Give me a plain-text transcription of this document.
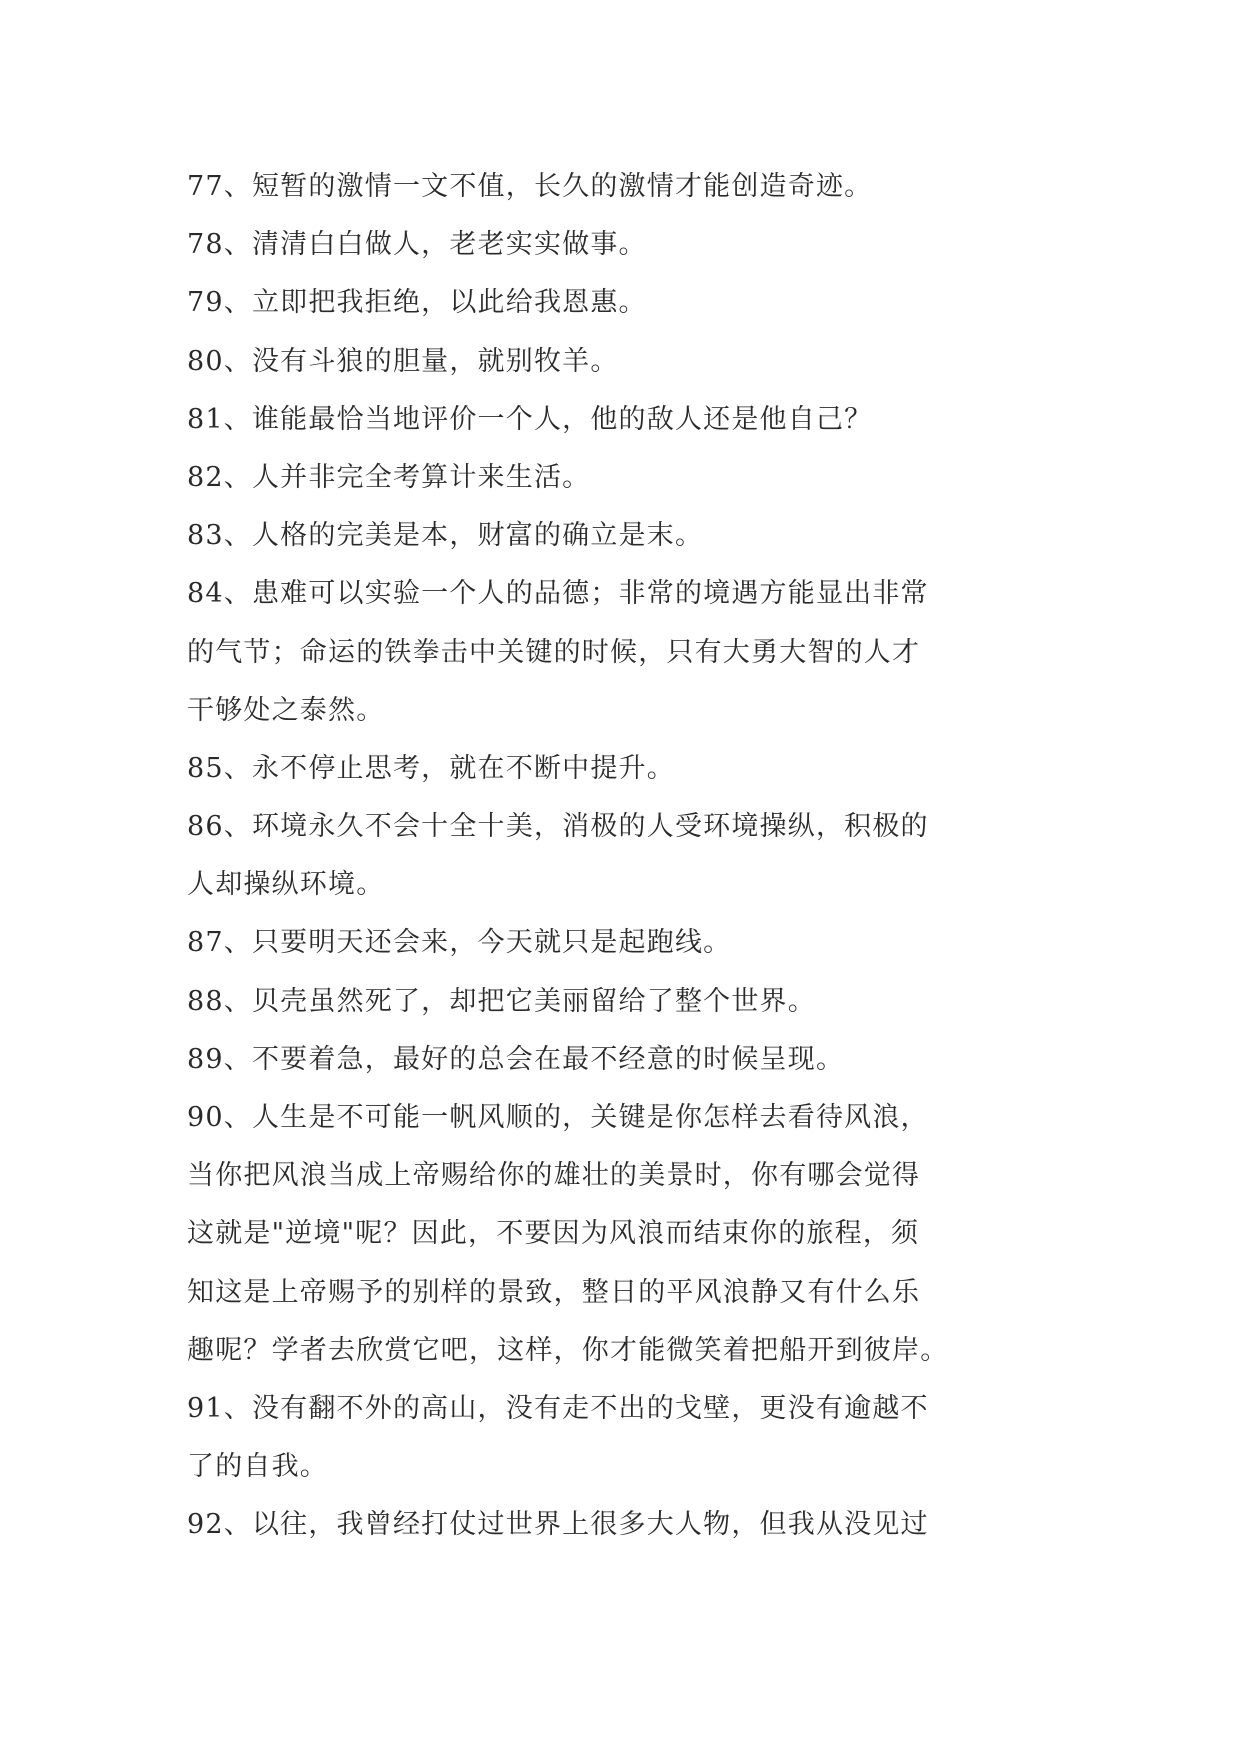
77、短暂的激情一文不值，长久的激情才能创造奇迹。
78、清清白白做人，老老实实做事。
79、立即把我拒绝，以此给我恩惠。
80、没有斗狼的胆量，就别牧羊。
81、谁能最恰当地评价一个人，他的敌人还是他自己？
82、人并非完全考算计来生活。
83、人格的完美是本，财富的确立是末。
84、患难可以实验一个人的品德；非常的境遇方能显出非常
的气节；命运的铁拳击中关键的时候，只有大勇大智的人才
干够处之泰然。
85、永不停止思考，就在不断中提升。
86、环境永久不会十全十美，消极的人受环境操纵，积极的
人却操纵环境。
87、只要明天还会来，今天就只是起跑线。
88、贝壳虽然死了，却把它美丽留给了整个世界。
89、不要着急，最好的总会在最不经意的时候呈现。
90、人生是不可能一帆风顺的，关键是你怎样去看待风浪，
当你把风浪当成上帝赐给你的雄壮的美景时，你有哪会觉得
这就是"逆境"呢？因此，不要因为风浪而结束你的旅程，须
知这是上帝赐予的别样的景致，整日的平风浪静又有什么乐
趣呢？学者去欣赏它吧，这样，你才能微笑着把船开到彼岸。
91、没有翻不外的高山，没有走不出的戈壁，更没有逾越不
了的自我。
92、以往，我曾经打仗过世界上很多大人物，但我从没见过
